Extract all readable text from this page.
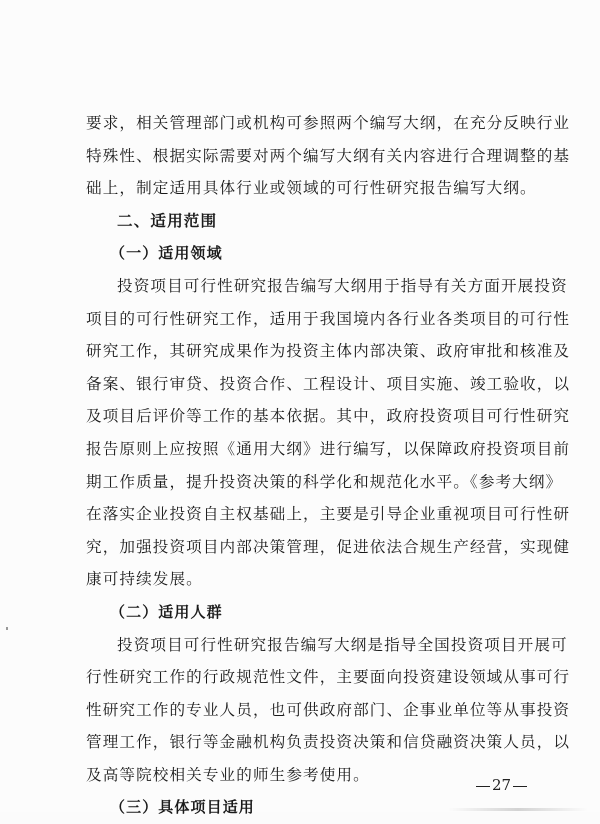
要求，相关管理部门或机构可参照两个编写大纲，在充分反映行业
特殊性、根据实际需要对两个编写大纲有关内容进行合理调整的基
础上，制定适用具体行业或领域的可行性研究报告编写大纲。
二、适用范围
（一）适用领域
投资项目可行性研究报告编写大纲用于指导有关方面开展投资
项目的可行性研究工作，适用于我国境内各行业各类项目的可行性
研究工作，其研究成果作为投资主体内部决策、政府审批和核准及
备案、银行审贷、投资合作、工程设计、项目实施、竣工验收，以
及项目后评价等工作的基本依据。其中，政府投资项目可行性研究
报告原则上应按照《通用大纲》进行编写，以保障政府投资项目前
期工作质量，提升投资决策的科学化和规范化水平。《参考大纲》
在落实企业投资自主权基础上，主要是引导企业重视项目可行性研
究，加强投资项目内部决策管理，促进依法合规生产经营，实现健
康可持续发展。
（二）适用人群
投资项目可行性研究报告编写大纲是指导全国投资项目开展可
行性研究工作的行政规范性文件，主要面向投资建设领域从事可行
性研究工作的专业人员，也可供政府部门、企事业单位等从事投资
管理工作，银行等金融机构负责投资决策和信贷融资决策人员，以
及高等院校相关专业的师生参考使用。
（三）具体项目适用
27
